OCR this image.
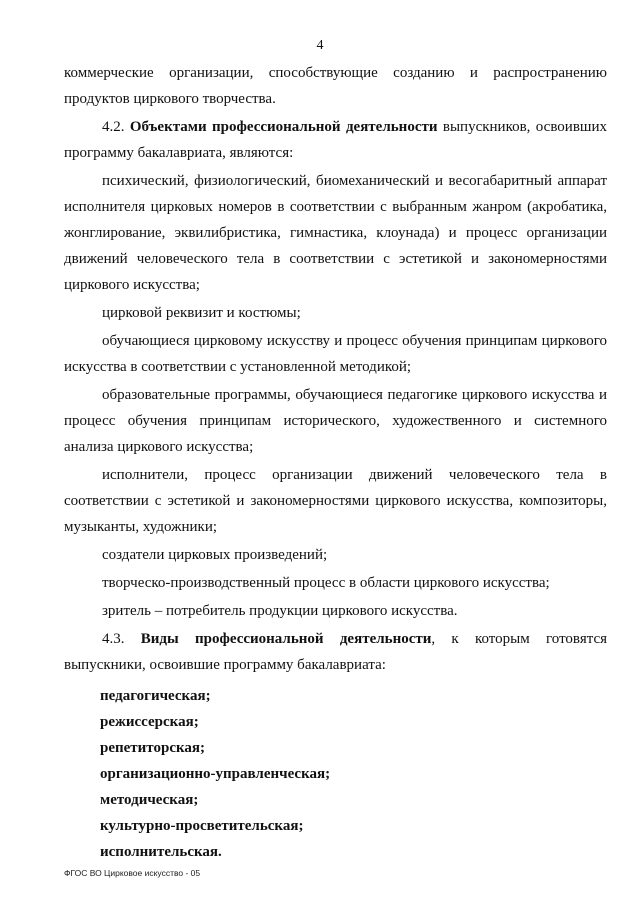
4

коммерческие организации, способствующие созданию и распространению продуктов циркового творчества.

4.2. Объектами профессиональной деятельности выпускников, освоивших программу бакалавриата, являются:

психический, физиологический, биомеханический и весогабаритный аппарат исполнителя цирковых номеров в соответствии с выбранным жанром (акробатика, жонглирование, эквилибристика, гимнастика, клоунада) и процесс организации движений человеческого тела в соответствии с эстетикой и закономерностями циркового искусства;

цирковой реквизит и костюмы;

обучающиеся цирковому искусству и процесс обучения принципам циркового искусства в соответствии с установленной методикой;

образовательные программы, обучающиеся педагогике циркового искусства и процесс обучения принципам исторического, художественного и системного анализа циркового искусства;

исполнители, процесс организации движений человеческого тела в соответствии с эстетикой и закономерностями циркового искусства, композиторы, музыканты, художники;

создатели цирковых произведений;

творческо-производственный процесс в области циркового искусства;

зритель – потребитель продукции циркового искусства.

4.3. Виды профессиональной деятельности, к которым готовятся выпускники, освоившие программу бакалавриата:

педагогическая;
режиссерская;
репетиторская;
организационно-управленческая;
методическая;
культурно-просветительская;
исполнительская.
ФГОС ВО Цирковое искусство - 05
